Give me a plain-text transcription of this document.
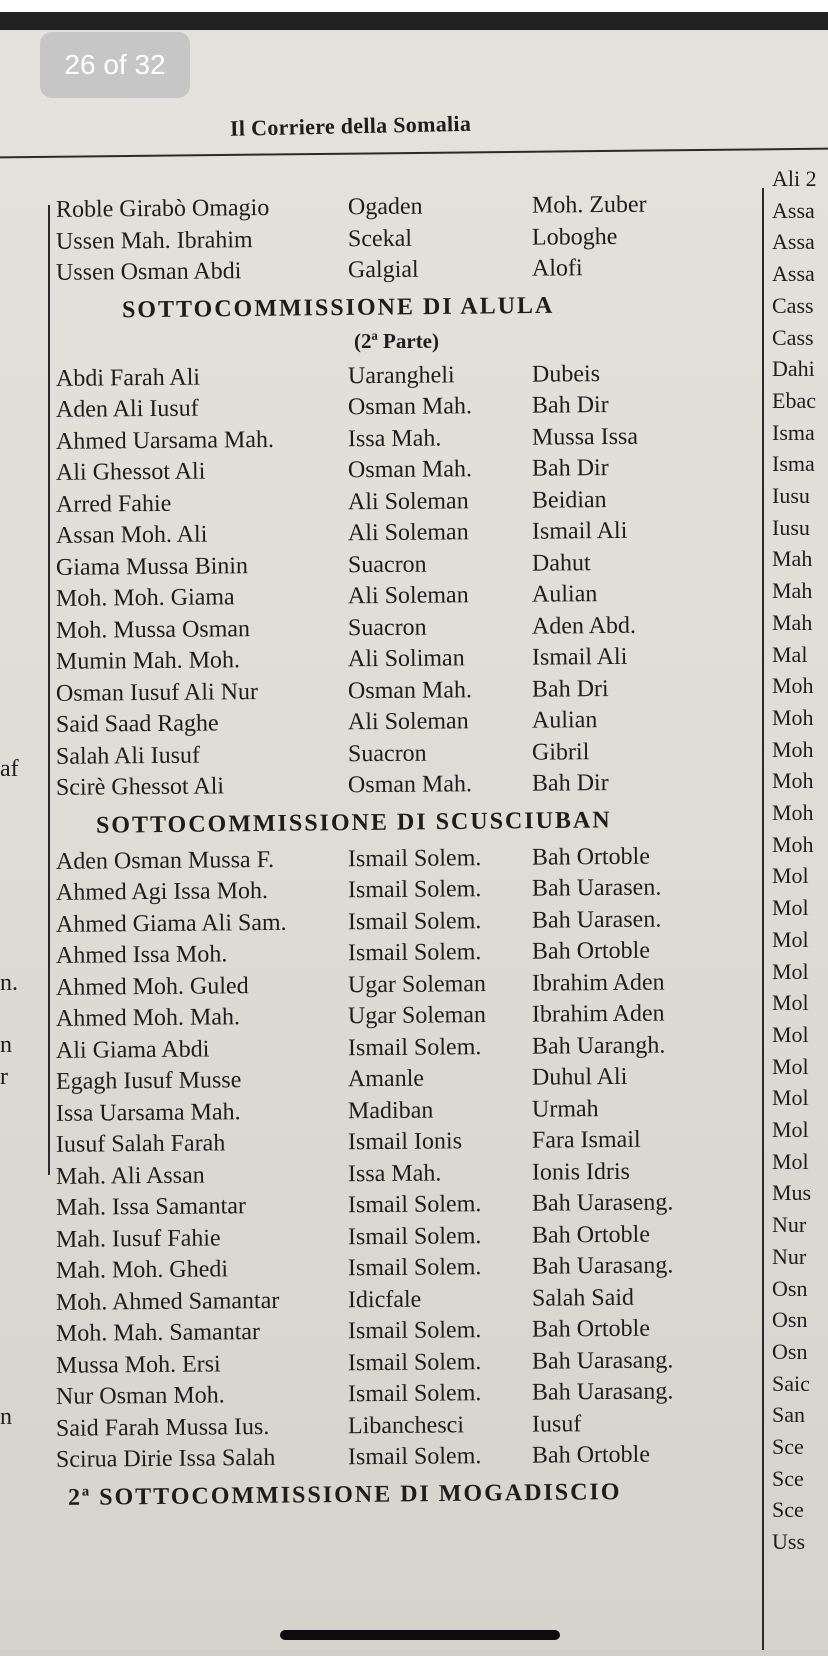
Il Corriere della Somalia
Roble Girabò Omagio	Ogaden	Moh. Zuber
Ussen Mah. Ibrahim	Scekal	Loboghe
Ussen Osman Abdi	Galgial	Alofi
SOTTOCOMMISSIONE DI ALULA
(2ª Parte)
Abdi Farah Ali	Uarangheli	Dubeis
Aden Ali Iusuf	Osman Mah.	Bah Dir
Ahmed Uarsama Mah.	Issa Mah.	Mussa Issa
Ali Ghessot Ali	Osman Mah.	Bah Dir
Arred Fahie	Ali Soleman	Beidian
Assan Moh. Ali	Ali Soleman	Ismail Ali
Giama Mussa Binin	Suacron	Dahut
Moh. Moh. Giama	Ali Soleman	Aulian
Moh. Mussa Osman	Suacron	Aden Abd.
Mumin Mah. Moh.	Ali Soliman	Ismail Ali
Osman Iusuf Ali Nur	Osman Mah.	Bah Dri
Said Saad Raghe	Ali Soleman	Aulian
Salah Ali Iusuf	Suacron	Gibril
Scirè Ghessot Ali	Osman Mah.	Bah Dir
SOTTOCOMMISSIONE DI SCUSCIUBAN
Aden Osman Mussa F.	Ismail Solem.	Bah Ortoble
Ahmed Agi Issa Moh.	Ismail Solem.	Bah Uarasen.
Ahmed Giama Ali Sam.	Ismail Solem.	Bah Uarasen.
Ahmed Issa Moh.	Ismail Solem.	Bah Ortoble
Ahmed Moh. Guled	Ugar Soleman	Ibrahim Aden
Ahmed Moh. Mah.	Ugar Soleman	Ibrahim Aden
Ali Giama Abdi	Ismail Solem.	Bah Uarangh.
Egagh Iusuf Musse	Amanle	Duhul Ali
Issa Uarsama Mah.	Madiban	Urmah
Iusuf Salah Farah	Ismail Ionis	Fara Ismail
Mah. Ali Assan	Issa Mah.	Ionis Idris
Mah. Issa Samantar	Ismail Solem.	Bah Uaraseng.
Mah. Iusuf Fahie	Ismail Solem.	Bah Ortoble
Mah. Moh. Ghedi	Ismail Solem.	Bah Uarasang.
Moh. Ahmed Samantar	Idicfale	Salah Said
Moh. Mah. Samantar	Ismail Solem.	Bah Ortoble
Mussa Moh. Ersi	Ismail Solem.	Bah Uarasang.
Nur Osman Moh.	Ismail Solem.	Bah Uarasang.
Said Farah Mussa Ius.	Libanchesci	Iusuf
Scirua Dirie Issa Salah	Ismail Solem.	Bah Ortoble
2ª SOTTOCOMMISSIONE DI MOGADISCIO
af
n.
n
r
n
Ali 2
Assa
Assa
Assa
Cass
Cass
Dahi
Ebac
Isma
Isma
Iusu
Iusu
Mah
Mah
Mah
Mal
Moh
Moh
Moh
Moh
Moh
Moh
Mol
Mol
Mol
Mol
Mol
Mol
Mol
Mol
Mol
Mol
Mus
Nur
Nur
Osn
Osn
Osn
Saic
San
Sce
Sce
Sce
Uss
26 of 32
